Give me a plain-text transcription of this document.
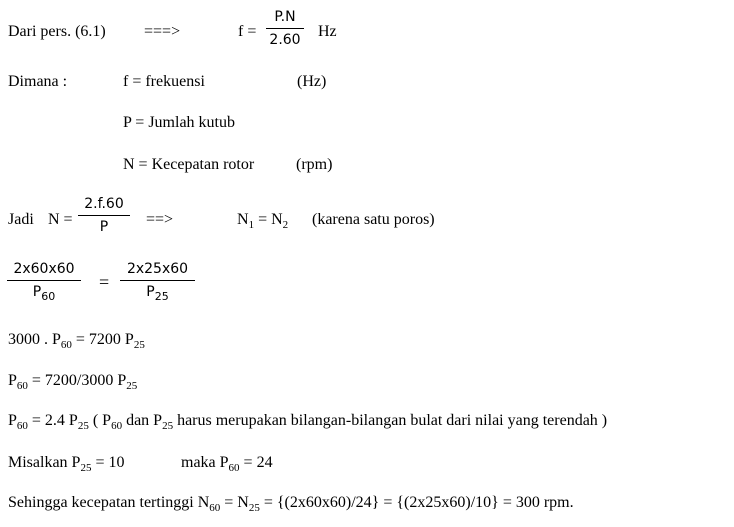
Dari pers. (6.1) ===>	f =
P.N
2.60 Hz
Dimana :	f = frekuensi	(Hz)
P = Jumlah kutub
N = Kecepatan rotor	(rpm)
Jadi N =
2.f.60
P	==>	$N_1 = N_2$ (karena satu poros)
2x60x60
$P_{60}$
=
2x25x60
$P_{25}$
3000 . $P_{60} = 7200$ $P_{25}$
$P_{60} = 7200/3000$ $P_{25}$
$P_{60} = 2.4$ $P_{25}$ ( $P_{60}$ dan $P_{25}$ harus merupakan bilangan-bilangan bulat dari nilai yang terendah )
Misalkan $P_{25} = 10$	maka $P_{60} = 24$
Sehingga kecepatan tertinggi $N_{60} = N_{25} = \{(2x60x60)/24\} = \{(2x25x60)/10\} = 300$ rpm.
